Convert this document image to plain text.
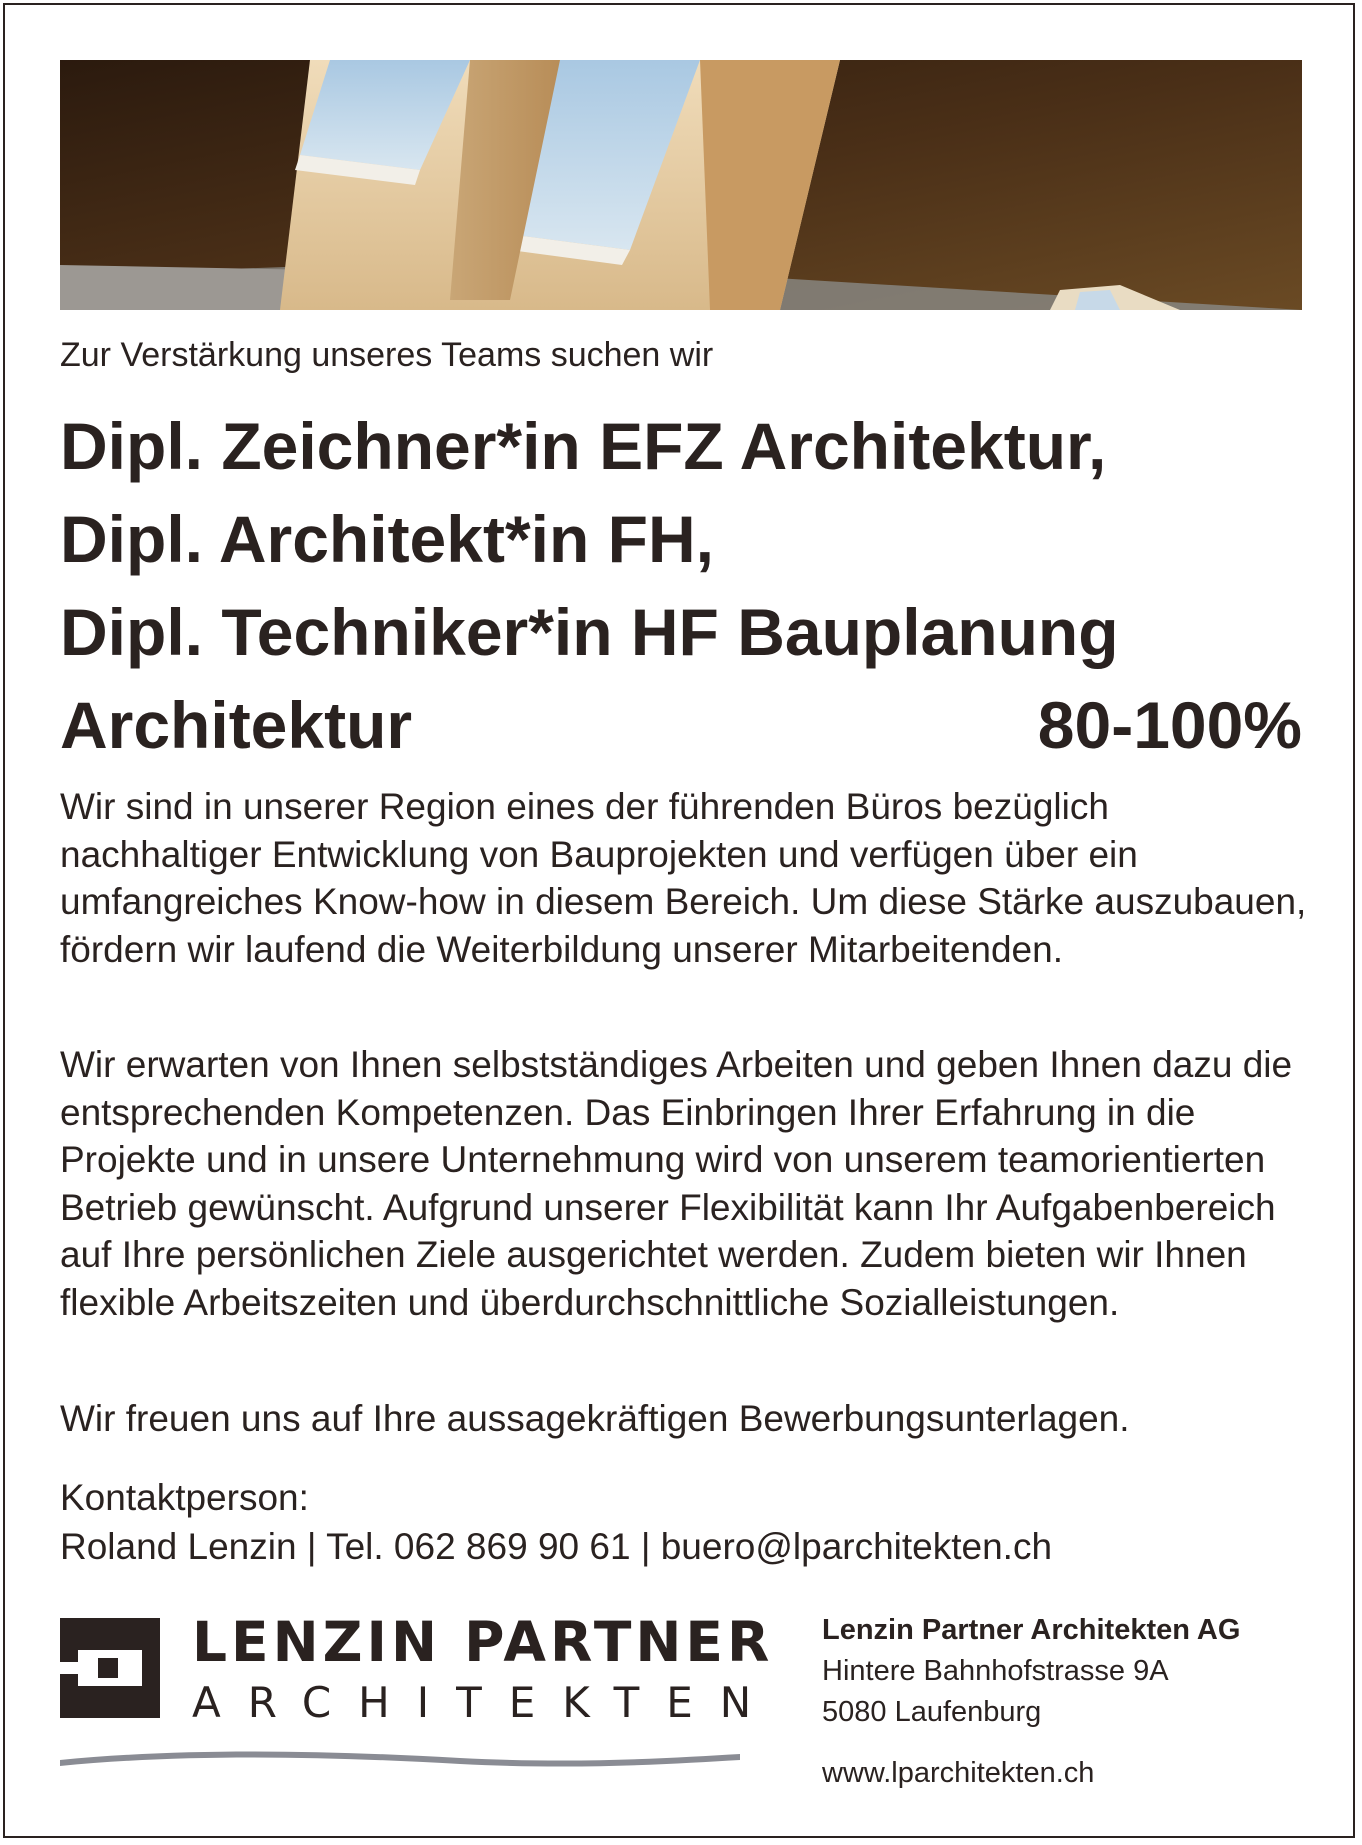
Zur Verstärkung unseres Teams suchen wir
Dipl. Zeichner*in EFZ Architektur,
Dipl. Architekt*in FH,
Dipl. Techniker*in HF Bauplanung
Architektur	80-100%

Wir sind in unserer Region eines der führenden Büros bezüglich nachhaltiger Entwicklung von Bauprojekten und verfügen über ein umfangreiches Know-how in diesem Bereich. Um diese Stärke auszubauen, fördern wir laufend die Weiterbildung unserer Mitarbeitenden.

Wir erwarten von Ihnen selbstständiges Arbeiten und geben Ihnen dazu die entsprechenden Kompetenzen. Das Einbringen Ihrer Erfahrung in die Projekte und in unsere Unternehmung wird von unserem teamorientierten Betrieb gewünscht. Aufgrund unserer Flexibilität kann Ihr Aufgabenbereich auf Ihre persönlichen Ziele ausgerichtet werden. Zudem bieten wir Ihnen flexible Arbeitszeiten und überdurchschnittliche Sozialleistungen.

Wir freuen uns auf Ihre aussagekräftigen Bewerbungsunterlagen.

Kontaktperson:

Roland Lenzin | Tel. 062 869 90 61 | buero@lparchitekten.ch

LENZIN PARTNER
ARCHITEKTEN
Lenzin Partner Architekten AG
Hintere Bahnhofstrasse 9A
5080 Laufenburg
www.lparchitekten.ch
